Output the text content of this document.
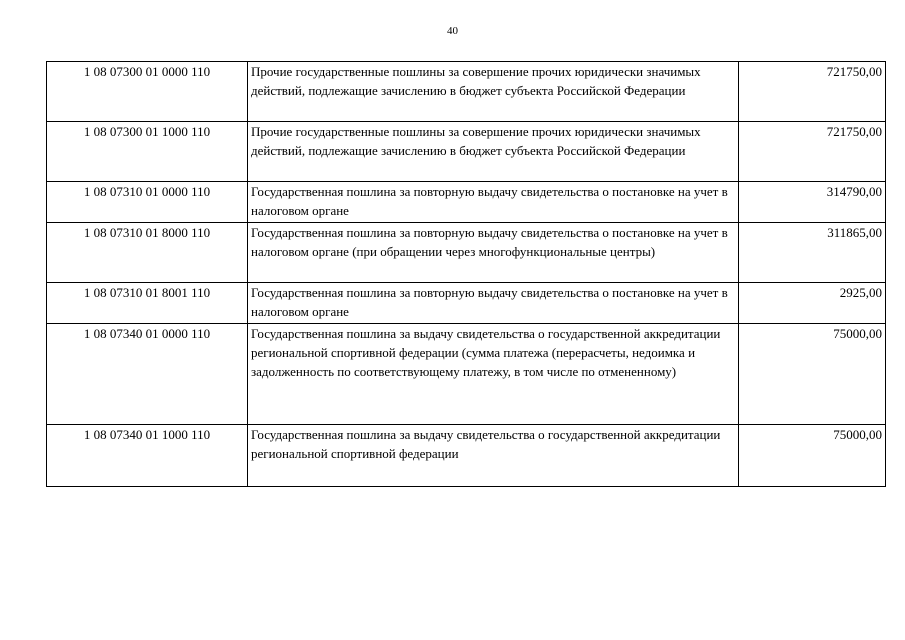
40
1 08 07300 01 0000 110	Прочие государственные пошлины за совершение прочих юридически значимых действий, подлежащие зачислению в бюджет субъекта Российской Федерации	721750,00
1 08 07300 01 1000 110	Прочие государственные пошлины за совершение прочих юридически значимых действий, подлежащие зачислению в бюджет субъекта Российской Федерации	721750,00
1 08 07310 01 0000 110	Государственная пошлина за повторную выдачу свидетельства о постановке на учет в налоговом органе	314790,00
1 08 07310 01 8000 110	Государственная пошлина за повторную выдачу свидетельства о постановке на учет в налоговом органе (при обращении через многофункциональные центры)	311865,00
1 08 07310 01 8001 110	Государственная пошлина за повторную выдачу свидетельства о постановке на учет в налоговом органе	2925,00
1 08 07340 01 0000 110	Государственная пошлина за выдачу свидетельства о государственной аккредитации региональной спортивной федерации (сумма платежа (перерасчеты, недоимка и задолженность по соответствующему платежу, в том числе по отмененному)	75000,00
1 08 07340 01 1000 110	Государственная пошлина за выдачу свидетельства о государственной аккредитации региональной спортивной федерации	75000,00
